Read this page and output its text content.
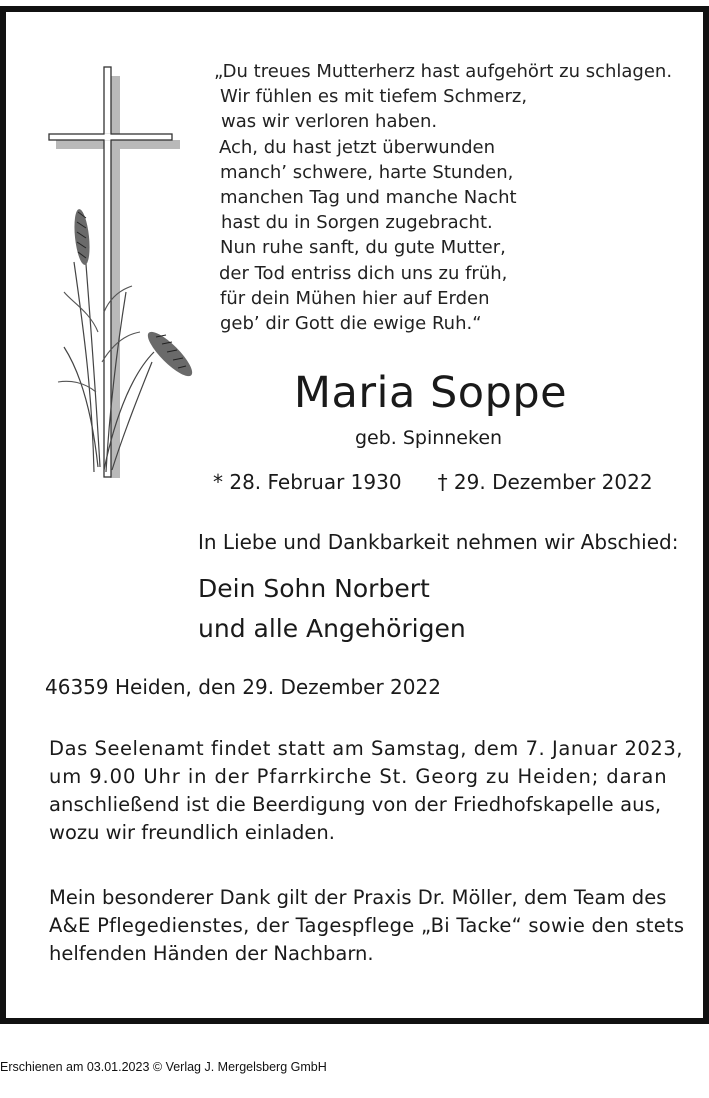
„Du treues Mutterherz hast aufgehört zu schlagen.
Wir fühlen es mit tiefem Schmerz,
was wir verloren haben.
Ach, du hast jetzt überwunden
manch’ schwere, harte Stunden,
manchen Tag und manche Nacht
hast du in Sorgen zugebracht.
Nun ruhe sanft, du gute Mutter,
der Tod entriss dich uns zu früh,
für dein Mühen hier auf Erden
geb’ dir Gott die ewige Ruh.“
Maria Soppe
geb. Spinneken
* 28. Februar 1930 † 29. Dezember 2022
In Liebe und Dankbarkeit nehmen wir Abschied:
Dein Sohn Norbert
und alle Angehörigen
46359 Heiden, den 29. Dezember 2022
Das Seelenamt findet statt am Samstag, dem 7. Januar 2023,
um 9.00 Uhr in der Pfarrkirche St. Georg zu Heiden; daran
anschließend ist die Beerdigung von der Friedhofskapelle aus,
wozu wir freundlich einladen.
Mein besonderer Dank gilt der Praxis Dr. Möller, dem Team des
A&E Pflegedienstes, der Tagespflege „Bi Tacke“ sowie den stets
helfenden Händen der Nachbarn.
Erschienen am 03.01.2023 © Verlag J. Mergelsberg GmbH
